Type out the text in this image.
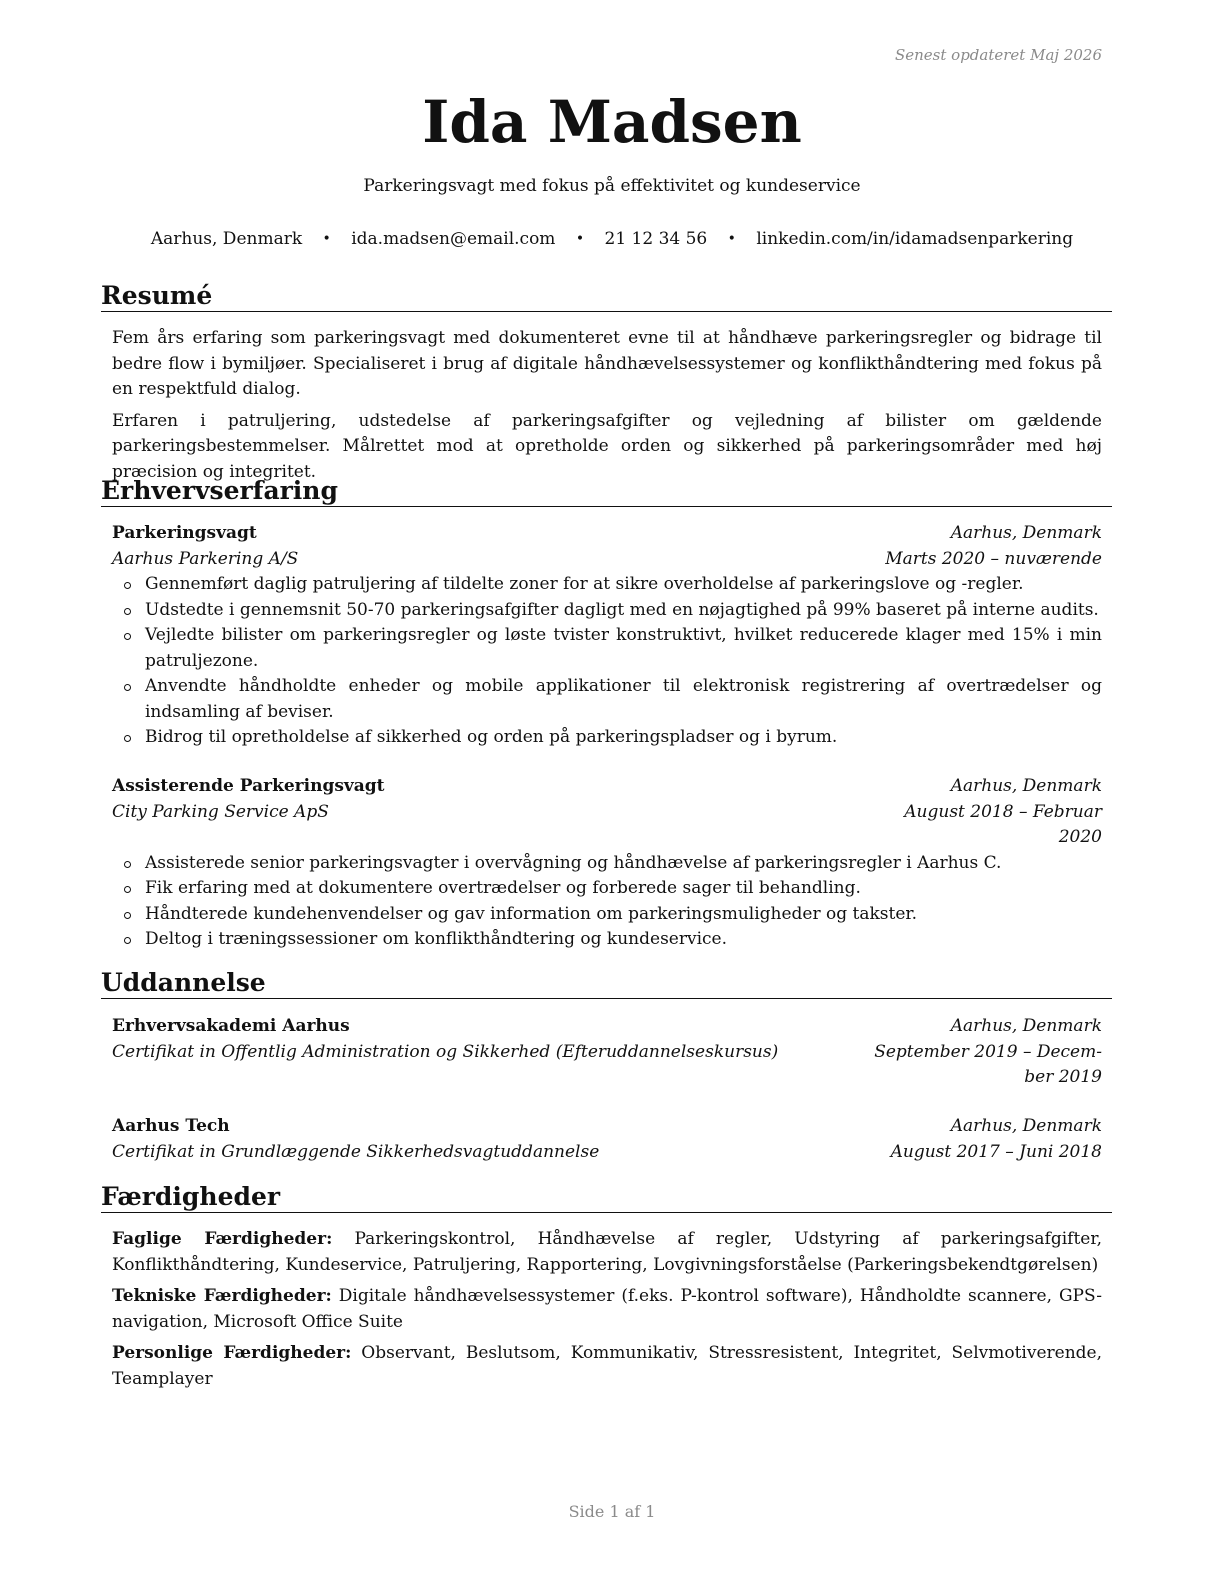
Senest opdateret Maj 2026
Ida Madsen
Parkeringsvagt med fokus på effektivitet og kundeservice
Aarhus, Denmark • ida.madsen@email.com • 21 12 34 56 • linkedin.com/in/idamadsenparkering
Resumé

Fem års erfaring som parkeringsvagt med dokumenteret evne til at håndhæve parkeringsregler og bidrage til bedre flow i bymiljøer. Specialiseret i brug af digitale håndhævelsessystemer og konflikthåndtering med fokus på en respektfuld dialog.

Erfaren i patruljering, udstedelse af parkeringsafgifter og vejledning af bilister om gældende parkeringsbestemmelser. Målrettet mod at opretholde orden og sikkerhed på parkeringsområder med høj præcision og integritet.

Erhvervserfaring
Parkeringsvagt	Aarhus, Denmark
Aarhus Parkering A/S	Marts 2020 – nuværende
Gennemført daglig patruljering af tildelte zoner for at sikre overholdelse af parkeringslove og -regler.
Udstedte i gennemsnit 50-70 parkeringsafgifter dagligt med en nøjagtighed på 99% baseret på interne audits.
Vejledte bilister om parkeringsregler og løste tvister konstruktivt, hvilket reducerede klager med 15% i min patruljezone.
Anvendte håndholdte enheder og mobile applikationer til elektronisk registrering af overtrædelser og indsamling af beviser.
Bidrog til opretholdelse af sikkerhed og orden på parkeringspladser og i byrum.
Assisterende Parkeringsvagt	Aarhus, Denmark
City Parking Service ApS	August 2018 – Februar
2020
Assisterede senior parkeringsvagter i overvågning og håndhævelse af parkeringsregler i Aarhus C.
Fik erfaring med at dokumentere overtrædelser og forberede sager til behandling.
Håndterede kundehenvendelser og gav information om parkeringsmuligheder og takster.
Deltog i træningssessioner om konflikthåndtering og kundeservice.
Uddannelse
Erhvervsakademi Aarhus	Aarhus, Denmark
Certifikat in Offentlig Administration og Sikkerhed (Efteruddannelseskursus)	September 2019 – Decem-
ber 2019
Aarhus Tech	Aarhus, Denmark
Certifikat in Grundlæggende Sikkerhedsvagtuddannelse	August 2017 – Juni 2018
Færdigheder

Faglige Færdigheder: Parkeringskontrol, Håndhævelse af regler, Udstyring af parkeringsafgifter, Konflikthåndtering, Kundeservice, Patruljering, Rapportering, Lovgivningsforståelse (Parkeringsbekendtgørelsen)

Tekniske Færdigheder: Digitale håndhævelsessystemer (f.eks. P-kontrol software), Håndholdte scannere, GPS-navigation, Microsoft Office Suite

Personlige Færdigheder: Observant, Beslutsom, Kommunikativ, Stressresistent, Integritet, Selvmotiverende, Teamplayer

Side 1 af 1
